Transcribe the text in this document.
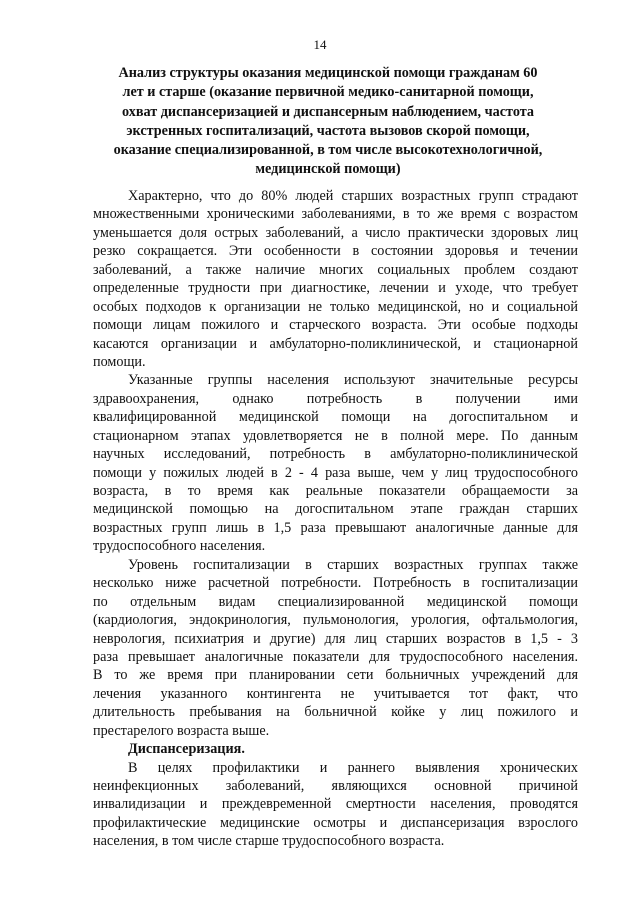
14
Анализ структуры оказания медицинской помощи гражданам 60
лет и старше (оказание первичной медико-санитарной помощи,
охват диспансеризацией и диспансерным наблюдением, частота
экстренных госпитализаций, частота вызовов скорой помощи,
оказание специализированной, в том числе высокотехнологичной,
медицинской помощи)
Характерно, что до 80% людей старших возрастных групп страдают
множественными хроническими заболеваниями, в то же время с возрастом
уменьшается доля острых заболеваний, а число практически здоровых лиц
резко сокращается. Эти особенности в состоянии здоровья и течении
заболеваний, а также наличие многих социальных проблем создают
определенные трудности при диагностике, лечении и уходе, что требует
особых подходов к организации не только медицинской, но и социальной
помощи лицам пожилого и старческого возраста. Эти особые подходы
касаются организации и амбулаторно-поликлинической, и стационарной
помощи.
Указанные группы населения используют значительные ресурсы
здравоохранения, однако потребность в получении ими
квалифицированной медицинской помощи на догоспитальном и
стационарном этапах удовлетворяется не в полной мере. По данным
научных исследований, потребность в амбулаторно-поликлинической
помощи у пожилых людей в 2 - 4 раза выше, чем у лиц трудоспособного
возраста, в то время как реальные показатели обращаемости за
медицинской помощью на догоспитальном этапе граждан старших
возрастных групп лишь в 1,5 раза превышают аналогичные данные для
трудоспособного населения.
Уровень госпитализации в старших возрастных группах также
несколько ниже расчетной потребности. Потребность в госпитализации
по отдельным видам специализированной медицинской помощи
(кардиология, эндокринология, пульмонология, урология, офтальмология,
неврология, психиатрия и другие) для лиц старших возрастов в 1,5 - 3
раза превышает аналогичные показатели для трудоспособного населения.
В то же время при планировании сети больничных учреждений для
лечения указанного контингента не учитывается тот факт, что
длительность пребывания на больничной койке у лиц пожилого и
престарелого возраста выше.
Диспансеризация.
В целях профилактики и раннего выявления хронических
неинфекционных заболеваний, являющихся основной причиной
инвалидизации и преждевременной смертности населения, проводятся
профилактические медицинские осмотры и диспансеризация взрослого
населения, в том числе старше трудоспособного возраста.
